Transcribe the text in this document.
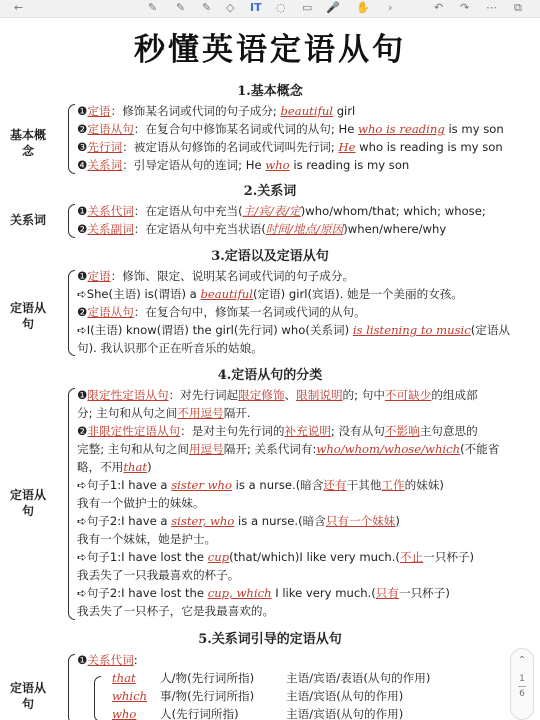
←	✎ ✎ ✎ ◇ ⅠT ◌ ▭ 🎤 ✋ ›	↶ ↷ ⋯ ⧉
秒懂英语定语从句
1.基本概念
基本概念
❶定语：修饰某名词或代词的句子成分; beautiful girl
❷定语从句：在复合句中修饰某名词或代词的从句; He who is reading is my son
❸先行词：被定语从句修饰的名词或代词叫先行词; He who is reading is my son
❹关系词：引导定语从句的连词; He who is reading is my son
2.关系词
关系词
❶关系代词：在定语从句中充当(主/宾/表/定)who/whom/that; which; whose;
❷关系副词：在定语从句中充当状语(时间/地点/原因)when/where/why
3.定语以及定语从句
定语从句
❶定语：修饰、限定、说明某名词或代词的句子成分。
➪She(主语) is(谓语) a beautiful(定语) girl(宾语). 她是一个美丽的女孩。
❷定语从句：在复合句中，修饰某一名词或代词的从句。
➪I(主语) know(谓语) the girl(先行词) who(关系词) is listening to music(定语从
句). 我认识那个正在听音乐的姑娘。
4.定语从句的分类
定语从句
❶限定性定语从句：对先行词起限定修饰、限制说明的; 句中不可缺少的组成部
分; 主句和从句之间不用逗号隔开.
❷非限定性定语从句：是对主句先行词的补充说明; 没有从句不影响主句意思的
完整; 主句和从句之间用逗号隔开; 关系代词有:who/whom/whose/which(不能省
略，不用that)
➪句子1:I have a sister who is a nurse.(暗含还有干其他工作的妹妹)
我有一个做护士的妹妹。
➪句子2:I have a sister, who is a nurse.(暗含只有一个妹妹)
我有一个妹妹，她是护士。
➪句子1:I have lost the cup(that/which)I like very much.(不止一只杯子)
我丢失了一只我最喜欢的杯子。
➪句子2:I have lost the cup, which I like very much.(只有一只杯子)
我丢失了一只杯子，它是我最喜欢的。
5.关系词引导的定语从句
定语从句
❶关系代词:
that 人/物(先行词所指)	主语/宾语/表语(从句的作用)
which 事/物(先行词所指)	主语/宾语(从句的作用)
who 人(先行词所指)	主语/宾语(从句的作用)
⌃
1
6
